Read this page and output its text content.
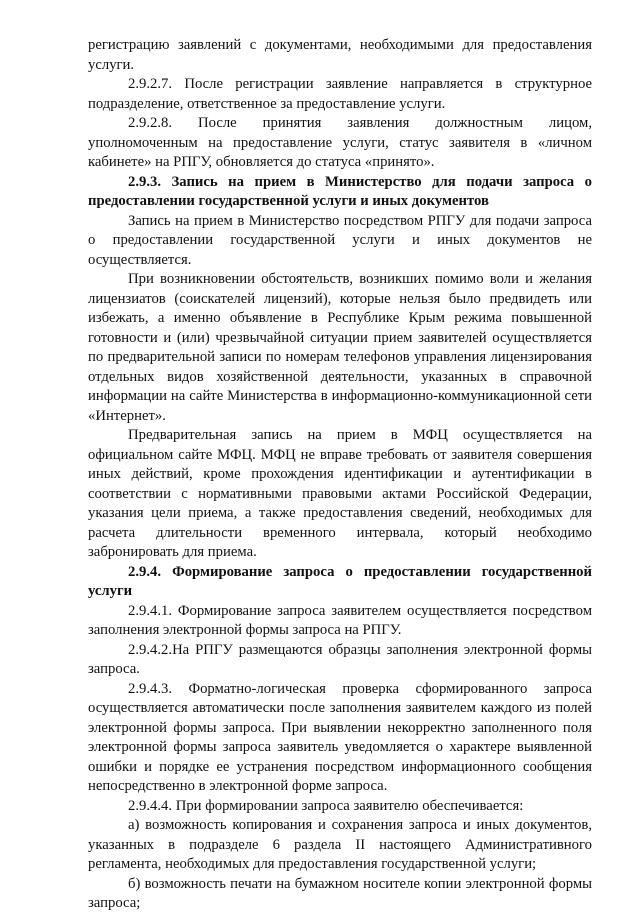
регистрацию заявлений с документами, необходимыми для предоставления услуги.

2.9.2.7. После регистрации заявление направляется в структурное подразделение, ответственное за предоставление услуги.

2.9.2.8. После принятия заявления должностным лицом, уполномоченным на предоставление услуги, статус заявителя в «личном кабинете» на РПГУ, обновляется до статуса «принято».

2.9.3. Запись на прием в Министерство для подачи запроса о предоставлении государственной услуги и иных документов

Запись на прием в Министерство посредством РПГУ для подачи запроса о предоставлении государственной услуги и иных документов не осуществляется.

При возникновении обстоятельств, возникших помимо воли и желания лицензиатов (соискателей лицензий), которые нельзя было предвидеть или избежать, а именно объявление в Республике Крым режима повышенной готовности и (или) чрезвычайной ситуации прием заявителей осуществляется по предварительной записи по номерам телефонов управления лицензирования отдельных видов хозяйственной деятельности, указанных в справочной информации на сайте Министерства в информационно-коммуникационной сети «Интернет».

Предварительная запись на прием в МФЦ осуществляется на официальном сайте МФЦ. МФЦ не вправе требовать от заявителя совершения иных действий, кроме прохождения идентификации и аутентификации в соответствии с нормативными правовыми актами Российской Федерации, указания цели приема, а также предоставления сведений, необходимых для расчета длительности временного интервала, который необходимо забронировать для приема.

2.9.4. Формирование запроса о предоставлении государственной услуги

2.9.4.1. Формирование запроса заявителем осуществляется посредством заполнения электронной формы запроса на РПГУ.

2.9.4.2.На РПГУ размещаются образцы заполнения электронной формы запроса.

2.9.4.3. Форматно-логическая проверка сформированного запроса осуществляется автоматически после заполнения заявителем каждого из полей электронной формы запроса. При выявлении некорректно заполненного поля электронной формы запроса заявитель уведомляется о характере выявленной ошибки и порядке ее устранения посредством информационного сообщения непосредственно в электронной форме запроса.

2.9.4.4. При формировании запроса заявителю обеспечивается:

а) возможность копирования и сохранения запроса и иных документов, указанных в подразделе 6 раздела II настоящего Административного регламента, необходимых для предоставления государственной услуги;

б) возможность печати на бумажном носителе копии электронной формы запроса;
